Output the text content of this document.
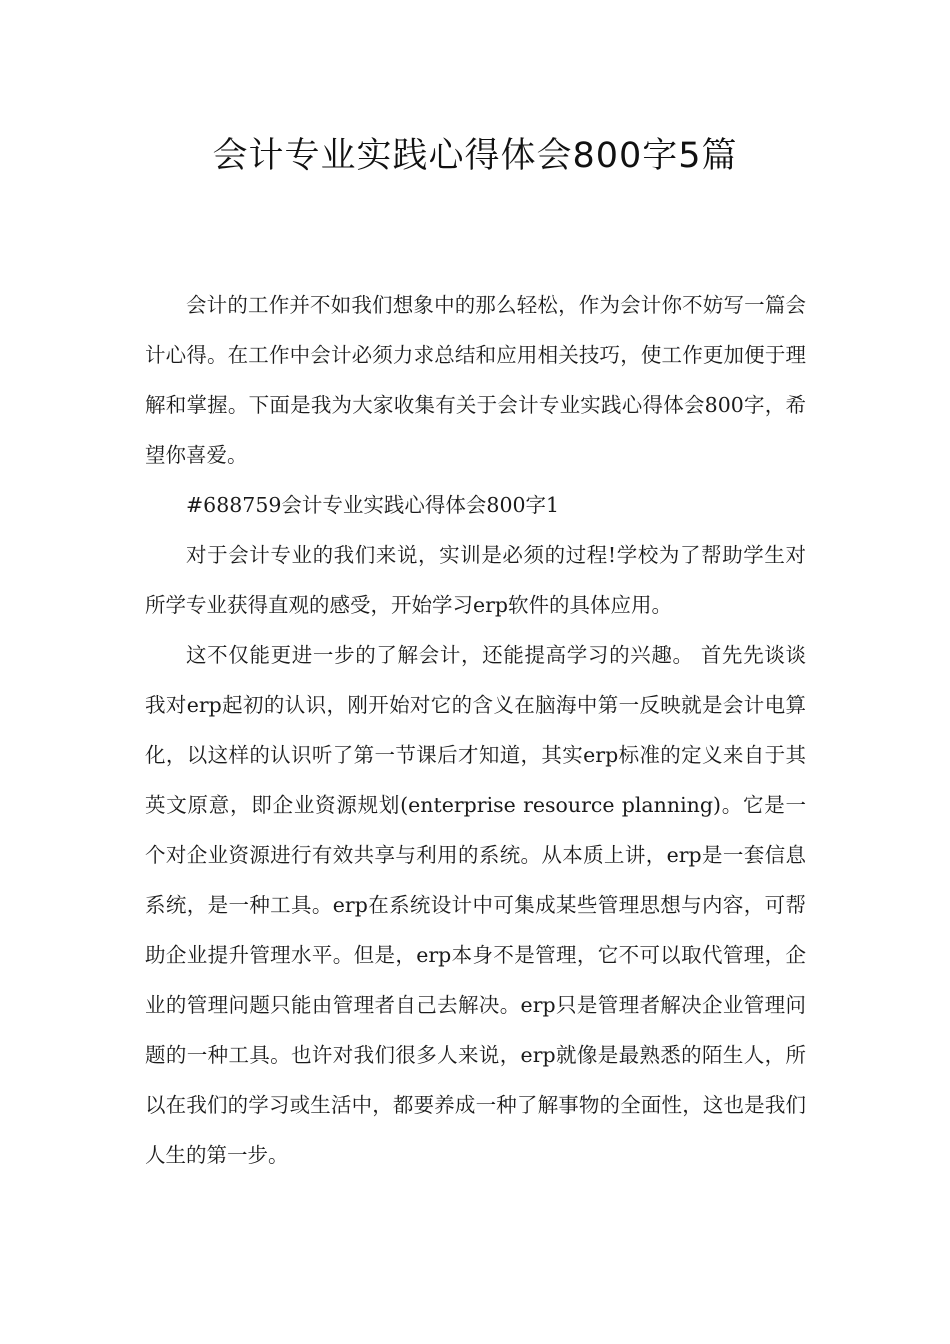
会计专业实践心得体会800字5篇

会计的工作并不如我们想象中的那么轻松，作为会计你不妨写一篇会计心得。在工作中会计必须力求总结和应用相关技巧，使工作更加便于理解和掌握。下面是我为大家收集有关于会计专业实践心得体会800字，希望你喜爱。

#688759会计专业实践心得体会800字1

对于会计专业的我们来说，实训是必须的过程!学校为了帮助学生对所学专业获得直观的感受，开始学习erp软件的具体应用。

这不仅能更进一步的了解会计，还能提高学习的兴趣。 首先先谈谈我对erp起初的认识，刚开始对它的含义在脑海中第一反映就是会计电算化，以这样的认识听了第一节课后才知道，其实erp标准的定义来自于其英文原意，即企业资源规划(enterprise resource planning)。它是一个对企业资源进行有效共享与利用的系统。从本质上讲，erp是一套信息系统，是一种工具。erp在系统设计中可集成某些管理思想与内容，可帮助企业提升管理水平。但是，erp本身不是管理，它不可以取代管理，企业的管理问题只能由管理者自己去解决。erp只是管理者解决企业管理问题的一种工具。也许对我们很多人来说，erp就像是最熟悉的陌生人，所以在我们的学习或生活中，都要养成一种了解事物的全面性，这也是我们人生的第一步。
